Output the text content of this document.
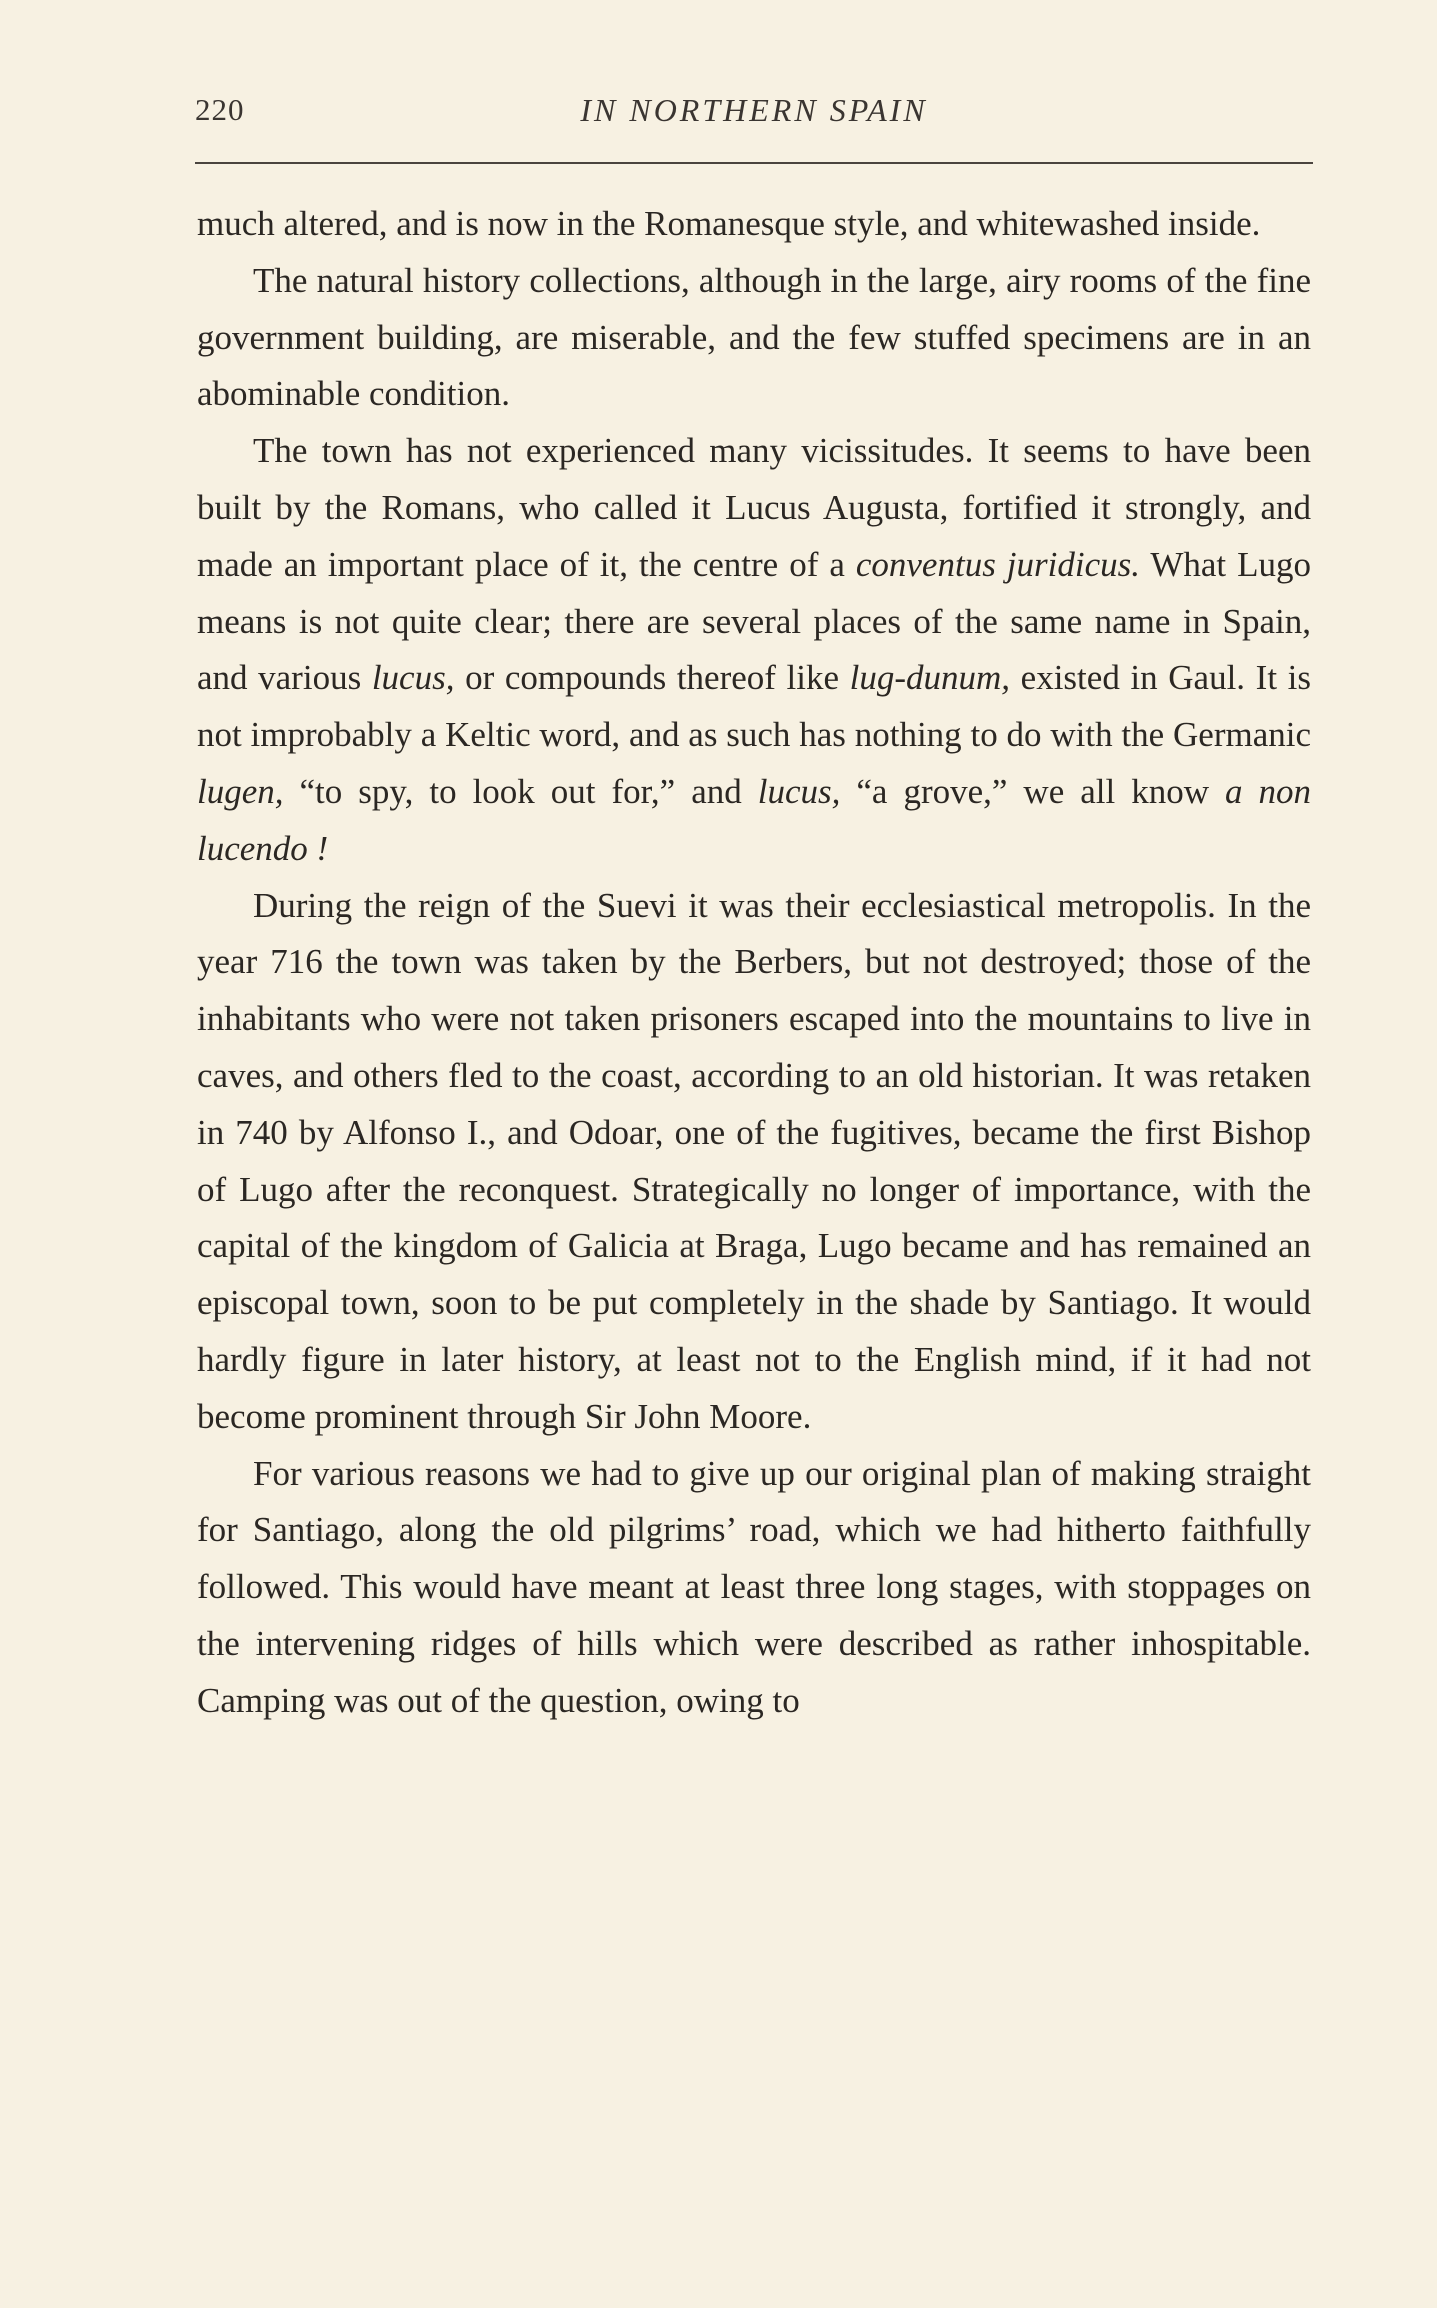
220	IN NORTHERN SPAIN

much altered, and is now in the Romanesque style, and whitewashed inside.

The natural history collections, although in the large, airy rooms of the fine government building, are miserable, and the few stuffed specimens are in an abominable condition.

The town has not experienced many vicissitudes. It seems to have been built by the Romans, who called it Lucus Augusta, fortified it strongly, and made an important place of it, the centre of a conventus juridicus. What Lugo means is not quite clear; there are several places of the same name in Spain, and various lucus, or compounds thereof like lug-dunum, existed in Gaul. It is not improbably a Keltic word, and as such has nothing to do with the Germanic lugen, “to spy, to look out for,” and lucus, “a grove,” we all know a non lucendo !

During the reign of the Suevi it was their ecclesiastical metropolis. In the year 716 the town was taken by the Berbers, but not destroyed; those of the inhabitants who were not taken prisoners escaped into the mountains to live in caves, and others fled to the coast, according to an old historian. It was retaken in 740 by Alfonso I., and Odoar, one of the fugitives, became the first Bishop of Lugo after the reconquest. Strategically no longer of importance, with the capital of the kingdom of Galicia at Braga, Lugo became and has remained an episcopal town, soon to be put completely in the shade by Santiago. It would hardly figure in later history, at least not to the English mind, if it had not become prominent through Sir John Moore.

For various reasons we had to give up our original plan of making straight for Santiago, along the old pilgrims’ road, which we had hitherto faithfully followed. This would have meant at least three long stages, with stoppages on the intervening ridges of hills which were described as rather inhospitable. Camping was out of the question, owing to
